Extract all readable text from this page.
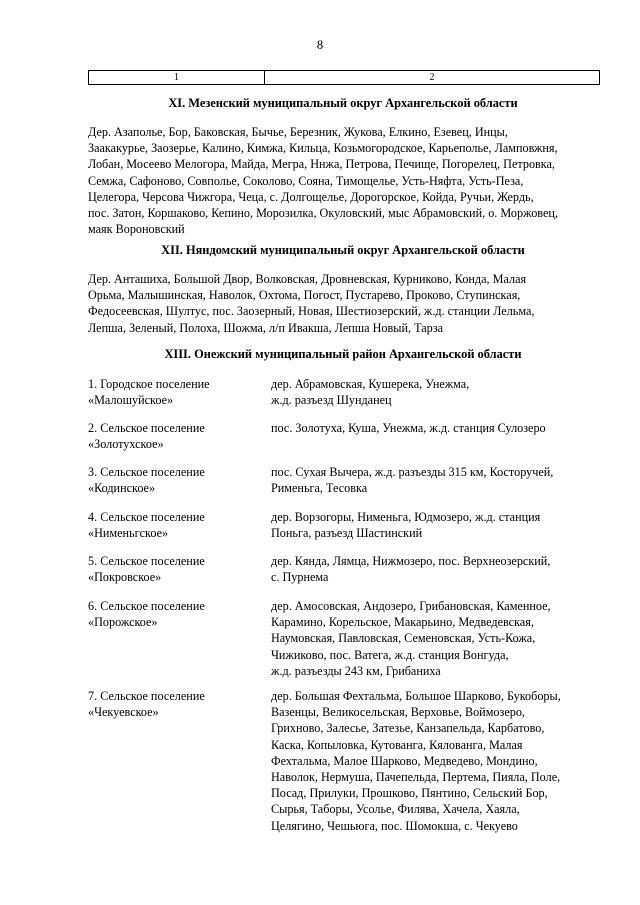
8
1	2
XI. Мезенский муниципальный округ Архангельской области
Дер. Азаполье, Бор, Баковская, Бычье, Березник, Жукова, Елкино, Езевец, Инцы,
Заакакурье, Заозерье, Калино, Кимжа, Кильца, Козьмогородское, Карьеполье, Ламповжня,
Лобан, Мосеево Мелогора, Майда, Мегра, Ннжа, Петрова, Печище, Погорелец, Петровка,
Семжа, Сафоново, Совполье, Соколово, Сояна, Тимощелье, Усть-Няфта, Усть-Пеза,
Целегора, Черсова Чижгора, Чеца, с. Долгощелье, Дорогорское, Койда, Ручьи, Жердь,
пос. Затон, Коршаково, Кепино, Морозилка, Окуловский, мыс Абрамовский, о. Моржовец,
маяк Вороновский
XII. Няндомский муниципальный округ Архангельской области
Дер. Анташиха, Большой Двор, Волковская, Дровневская, Курниково, Конда, Малая
Орьма, Малышинская, Наволок, Охтома, Погост, Пустарево, Проково, Ступинская,
Федосеевская, Шултус, пос. Заозерный, Новая, Шестиозерский, ж.д. станции Лельма,
Лепша, Зеленый, Полоха, Шожма, л/п Ивакша, Лепша Новый, Тарза
XIII. Онежский муниципальный район Архангельской области
1. Городское поселение
«Малошуйское»
дер. Абрамовская, Кушерека, Унежма,
ж.д. разъезд Шунданец
2. Сельское поселение
«Золотухское»
пос. Золотуха, Куша, Унежма, ж.д. станция Сулозеро
3. Сельское поселение
«Кодинское»
пос. Сухая Вычера, ж.д. разъезды 315 км, Косторучей,
Рименьга, Тесовка
4. Сельское поселение
«Нименьгское»
дер. Ворзогоры, Нименьга, Юдмозеро, ж.д. станция
Поньга, разъезд Шастинский
5. Сельское поселение
«Покровское»
дер. Кянда, Лямца, Нижмозеро, пос. Верхнеозерский,
с. Пурнема
6. Сельское поселение
«Порожское»
дер. Амосовская, Андозеро, Грибановская, Каменное,
Карамино, Корельское, Макарьино, Медведевская,
Наумовская, Павловская, Семеновская, Усть-Кожа,
Чижиково, пос. Ватега, ж.д. станция Вонгуда,
ж.д. разъезды 243 км, Грибаниха
7. Сельское поселение
«Чекуевское»
дер. Большая Фехтальма, Большое Шарково, Букоборы,
Вазенцы, Великосельская, Верховье, Воймозеро,
Грихново, Залесье, Затезье, Канзапельда, Карбатово,
Каска, Копыловка, Кутованга, Кялованга, Малая
Фехтальма, Малое Шарково, Медведево, Мондино,
Наволок, Нермуша, Пачепельда, Пертема, Пияла, Поле,
Посад, Прилуки, Прошково, Пянтино, Сельский Бор,
Сырья, Таборы, Усолье, Филява, Хачела, Хаяла,
Целягино, Чешьюга, пос. Шомокша, с. Чекуево
